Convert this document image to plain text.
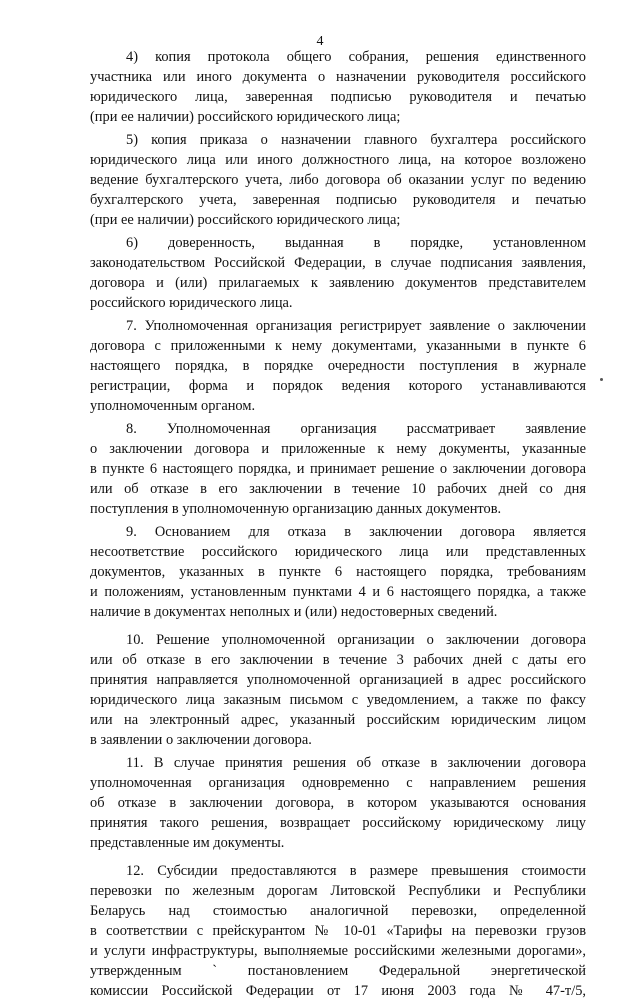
4
4) копия протокола общего собрания, решения единственного
участника или иного документа о назначении руководителя российского
юридического лица, заверенная подписью руководителя и печатью
(при ее наличии) российского юридического лица;
5) копия приказа о назначении главного бухгалтера российского
юридического лица или иного должностного лица, на которое возложено
ведение бухгалтерского учета, либо договора об оказании услуг по ведению
бухгалтерского учета, заверенная подписью руководителя и печатью
(при ее наличии) российского юридического лица;
6) доверенность, выданная в порядке, установленном
законодательством Российской Федерации, в случае подписания заявления,
договора и (или) прилагаемых к заявлению документов представителем
российского юридического лица.
7. Уполномоченная организация регистрирует заявление о заключении
договора с приложенными к нему документами, указанными в пункте 6
настоящего порядка, в порядке очередности поступления в журнале
регистрации, форма и порядок ведения которого устанавливаются
уполномоченным органом.
8. Уполномоченная организация рассматривает заявление
о заключении договора и приложенные к нему документы, указанные
в пункте 6 настоящего порядка, и принимает решение о заключении договора
или об отказе в его заключении в течение 10 рабочих дней со дня
поступления в уполномоченную организацию данных документов.
9. Основанием для отказа в заключении договора является
несоответствие российского юридического лица или представленных
документов, указанных в пункте 6 настоящего порядка, требованиям
и положениям, установленным пунктами 4 и 6 настоящего порядка, а также
наличие в документах неполных и (или) недостоверных сведений.
10. Решение уполномоченной организации о заключении договора
или об отказе в его заключении в течение 3 рабочих дней с даты его
принятия направляется уполномоченной организацией в адрес российского
юридического лица заказным письмом с уведомлением, а также по факсу
или на электронный адрес, указанный российским юридическим лицом
в заявлении о заключении договора.
11. В случае принятия решения об отказе в заключении договора
уполномоченная организация одновременно с направлением решения
об отказе в заключении договора, в котором указываются основания
принятия такого решения, возвращает российскому юридическому лицу
представленные им документы.
12. Субсидии предоставляются в размере превышения стоимости
перевозки по железным дорогам Литовской Республики и Республики
Беларусь над стоимостью аналогичной перевозки, определенной
в соответствии с прейскурантом № 10-01 «Тарифы на перевозки грузов
и услуги инфраструктуры, выполняемые российскими железными дорогами»,
утвержденным ` постановлением Федеральной энергетической
комиссии Российской Федерации от 17 июня 2003 года № 47-т/5,
